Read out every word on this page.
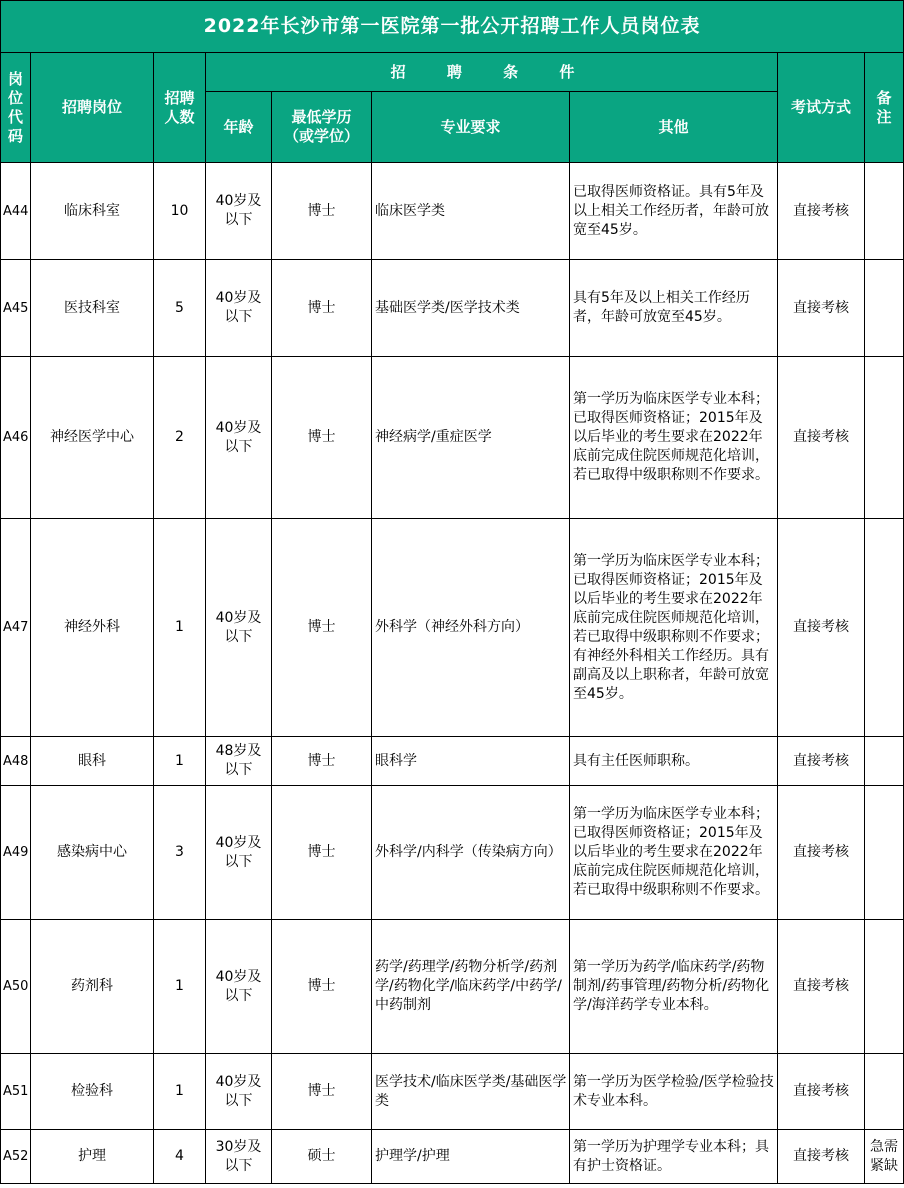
2022年长沙市第一医院第一批公开招聘工作人员岗位表								
岗位代码	招聘岗位	招聘人数	招 聘 条 件				考试方式	备注
			年龄	最低学历（或学位）	专业要求	其他		
A44	临床科室	10	40岁及以下	博士	临床医学类	已取得医师资格证。具有5年及以上相关工作经历者，年龄可放宽至45岁。	直接考核	
A45	医技科室	5	40岁及以下	博士	基础医学类/医学技术类	具有5年及以上相关工作经历者，年龄可放宽至45岁。	直接考核	
A46	神经医学中心	2	40岁及以下	博士	神经病学/重症医学	第一学历为临床医学专业本科；已取得医师资格证；2015年及以后毕业的考生要求在2022年底前完成住院医师规范化培训，若已取得中级职称则不作要求。	直接考核	
A47	神经外科	1	40岁及以下	博士	外科学（神经外科方向）	第一学历为临床医学专业本科；已取得医师资格证；2015年及以后毕业的考生要求在2022年底前完成住院医师规范化培训，若已取得中级职称则不作要求；有神经外科相关工作经历。具有副高及以上职称者，年龄可放宽至45岁。	直接考核	
A48	眼科	1	48岁及以下	博士	眼科学	具有主任医师职称。	直接考核	
A49	感染病中心	3	40岁及以下	博士	外科学/内科学（传染病方向）	第一学历为临床医学专业本科；已取得医师资格证；2015年及以后毕业的考生要求在2022年底前完成住院医师规范化培训，若已取得中级职称则不作要求。	直接考核	
A50	药剂科	1	40岁及以下	博士	药学/药理学/药物分析学/药剂学/药物化学/临床药学/中药学/中药制剂	第一学历为药学/临床药学/药物制剂/药事管理/药物分析/药物化学/海洋药学专业本科。	直接考核	
A51	检验科	1	40岁及以下	博士	医学技术/临床医学类/基础医学类	第一学历为医学检验/医学检验技术专业本科。	直接考核	
A52	护理	4	30岁及以下	硕士	护理学/护理	第一学历为护理学专业本科；具有护士资格证。	直接考核	急需紧缺
